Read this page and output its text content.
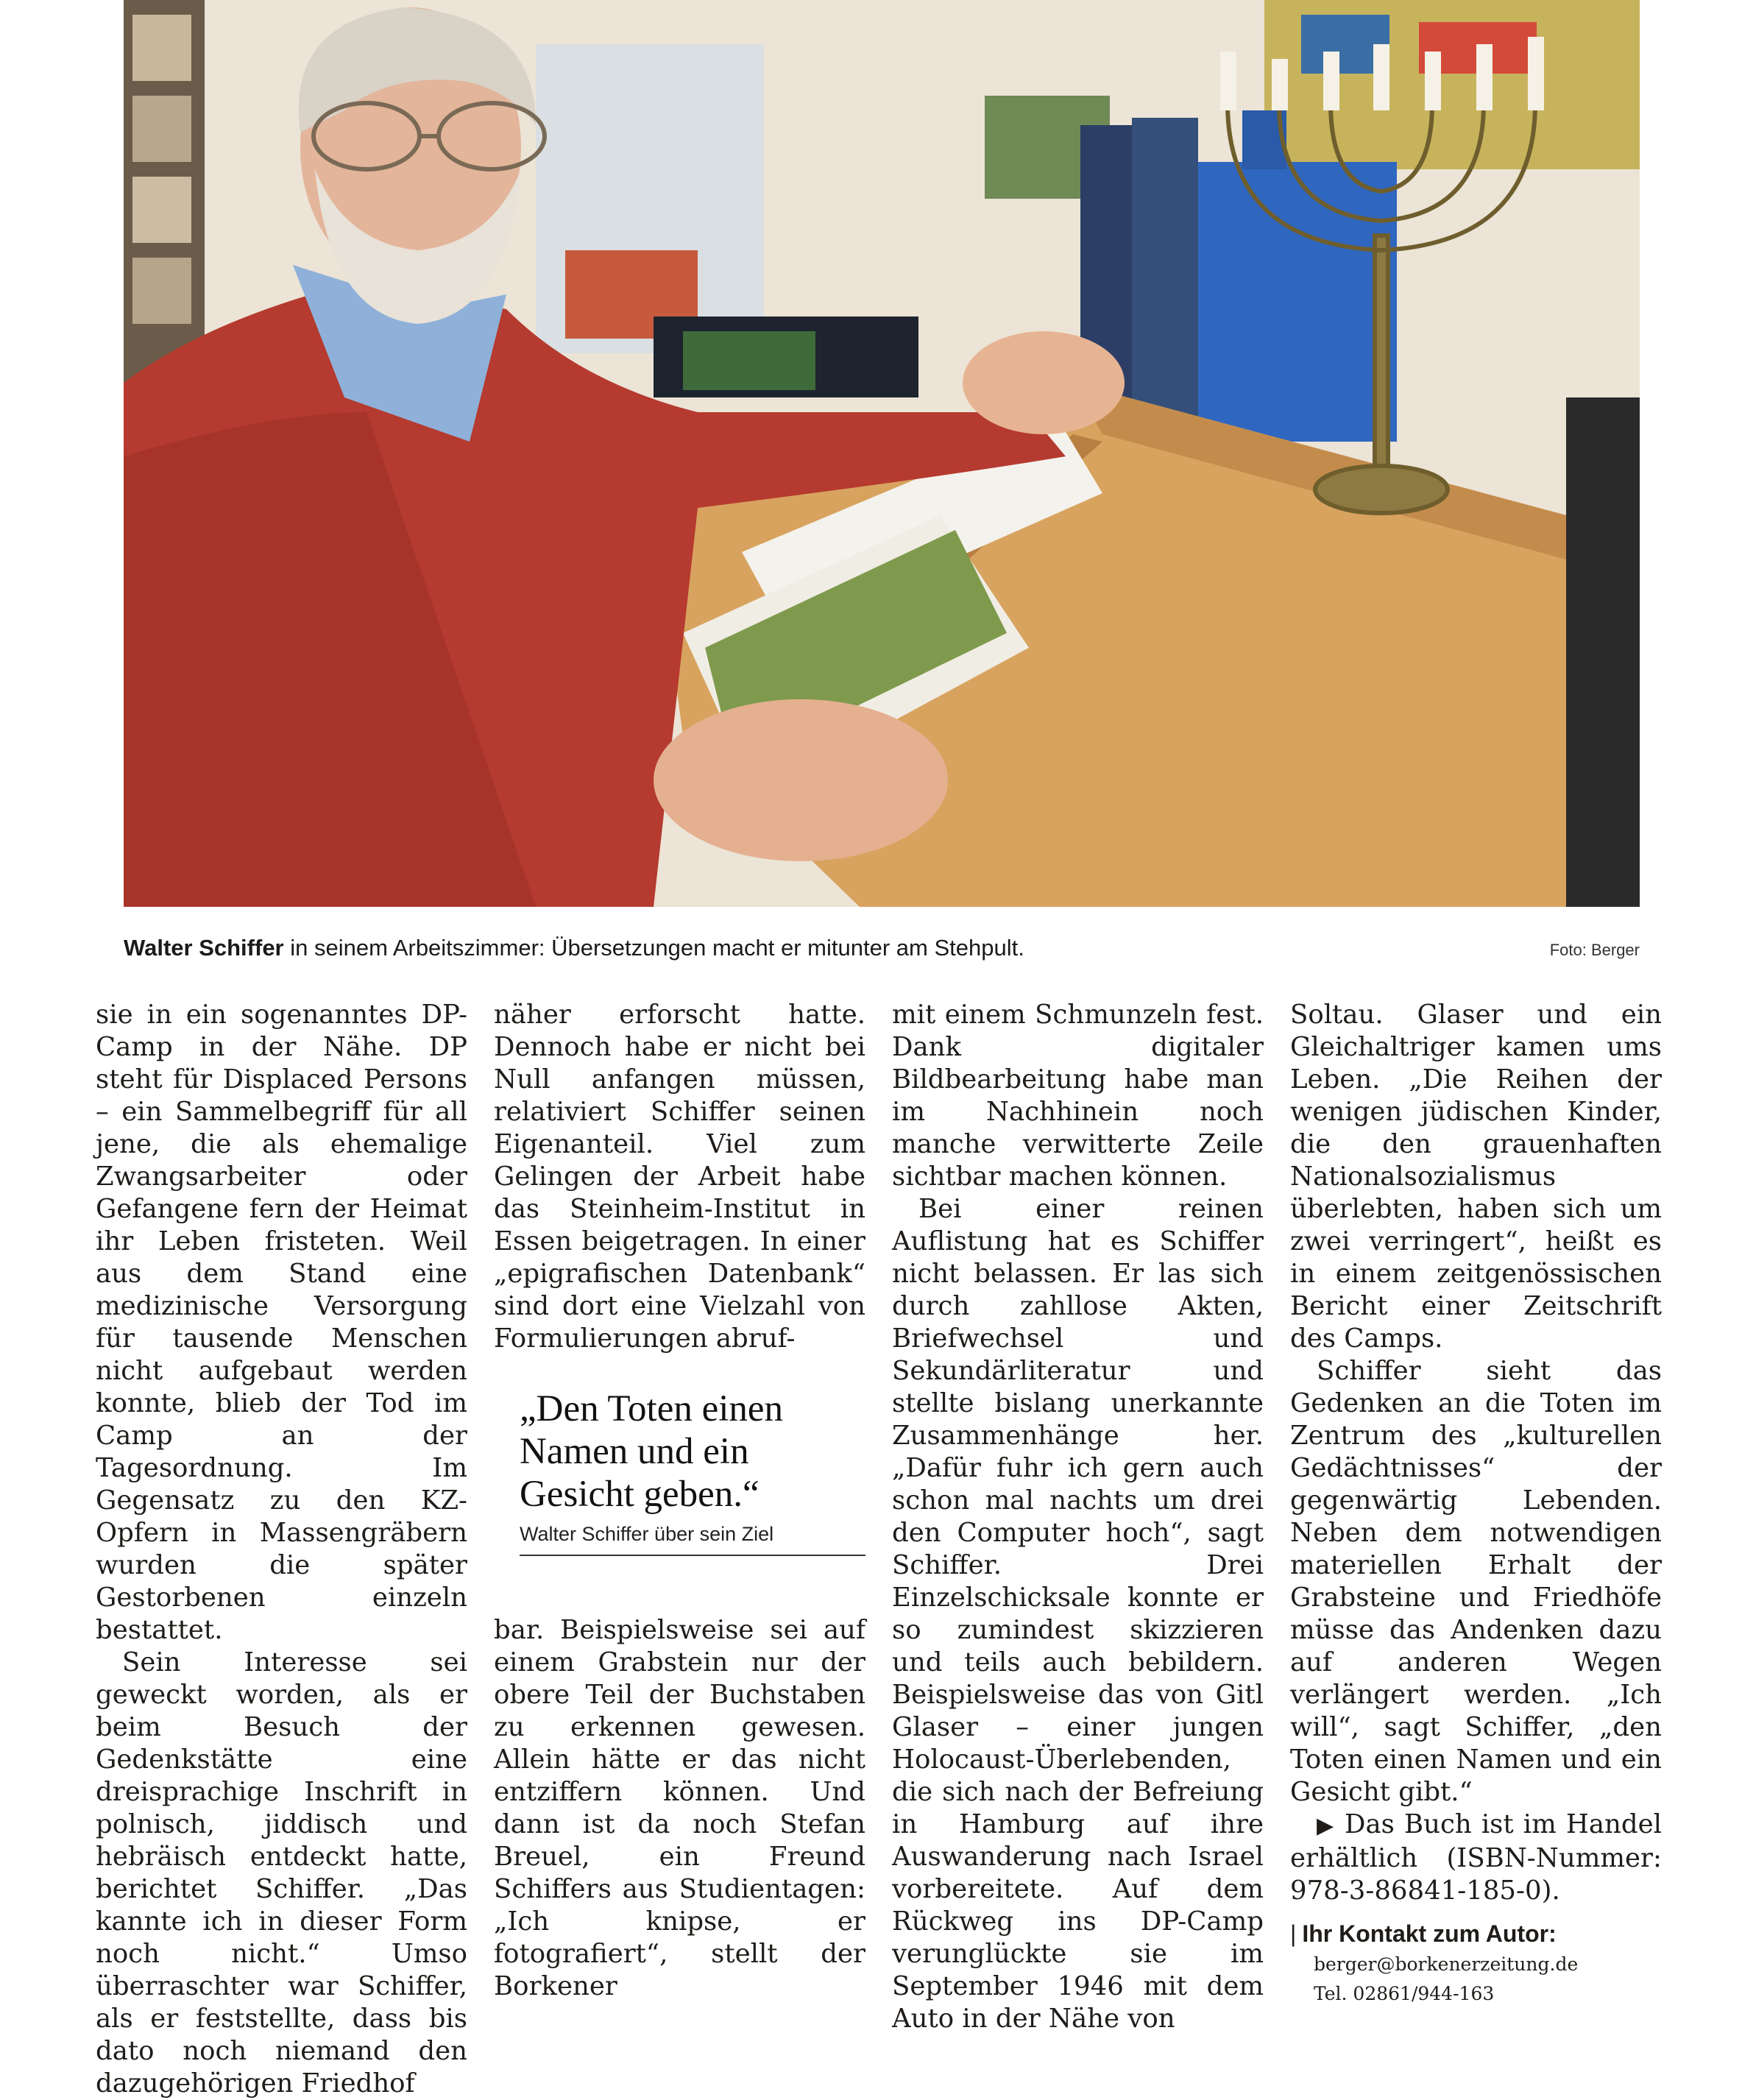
Walter Schiffer in seinem Arbeitszimmer: Übersetzungen macht er mitunter am Stehpult.	Foto: Berger

sie in ein sogenanntes DP-Camp in der Nähe. DP steht für Displaced Persons – ein Sammelbegriff für all jene, die als ehemalige Zwangsarbeiter oder Gefangene fern der Heimat ihr Leben fristeten. Weil aus dem Stand eine medizinische Versorgung für tausende Menschen nicht aufgebaut werden konnte, blieb der Tod im Camp an der Tagesordnung. Im Gegensatz zu den KZ-Opfern in Massengräbern wurden die später Gestorbenen einzeln bestattet.

Sein Interesse sei geweckt worden, als er beim Besuch der Gedenkstätte eine dreisprachige Inschrift in polnisch, jiddisch und hebräisch entdeckt hatte, berichtet Schiffer. „Das kannte ich in dieser Form noch nicht.“ Umso überraschter war Schiffer, als er feststellte, dass bis dato noch niemand den dazugehörigen Friedhof

näher erforscht hatte. Dennoch habe er nicht bei Null anfangen müssen, relativiert Schiffer seinen Eigenanteil. Viel zum Gelingen der Arbeit habe das Steinheim-Institut in Essen beigetragen. In einer „epigrafischen Datenbank“ sind dort eine Vielzahl von Formulierungen abruf-

„Den Toten einen Namen und ein Gesicht geben.“

Walter Schiffer über sein Ziel

bar. Beispielsweise sei auf einem Grabstein nur der obere Teil der Buchstaben zu erkennen gewesen. Allein hätte er das nicht entziffern können. Und dann ist da noch Stefan Breuel, ein Freund Schiffers aus Studientagen: „Ich knipse, er fotografiert“, stellt der Borkener

mit einem Schmunzeln fest. Dank digitaler Bildbearbeitung habe man im Nachhinein noch manche verwitterte Zeile sichtbar machen können.

Bei einer reinen Auflistung hat es Schiffer nicht belassen. Er las sich durch zahllose Akten, Briefwechsel und Sekundärliteratur und stellte bislang unerkannte Zusammenhänge her. „Dafür fuhr ich gern auch schon mal nachts um drei den Computer hoch“, sagt Schiffer. Drei Einzelschicksale konnte er so zumindest skizzieren und teils auch bebildern. Beispielsweise das von Gitl Glaser – einer jungen Holocaust-Überlebenden, die sich nach der Befreiung in Hamburg auf ihre Auswanderung nach Israel vorbereitete. Auf dem Rückweg ins DP-Camp verunglückte sie im September 1946 mit dem Auto in der Nähe von

Soltau. Glaser und ein Gleichaltriger kamen ums Leben. „Die Reihen der wenigen jüdischen Kinder, die den grauenhaften Nationalsozialismus überlebten, haben sich um zwei verringert“, heißt es in einem zeitgenössischen Bericht einer Zeitschrift des Camps.

Schiffer sieht das Gedenken an die Toten im Zentrum des „kulturellen Gedächtnisses“ der gegenwärtig Lebenden. Neben dem notwendigen materiellen Erhalt der Grabsteine und Friedhöfe müsse das Andenken dazu auf anderen Wegen verlängert werden. „Ich will“, sagt Schiffer, „den Toten einen Namen und ein Gesicht gibt.“

▶ Das Buch ist im Handel erhältlich (ISBN-Nummer: 978-3-86841-185-0).

| Ihr Kontakt zum Autor:
berger@borkenerzeitung.de
Tel. 02861/944-163
